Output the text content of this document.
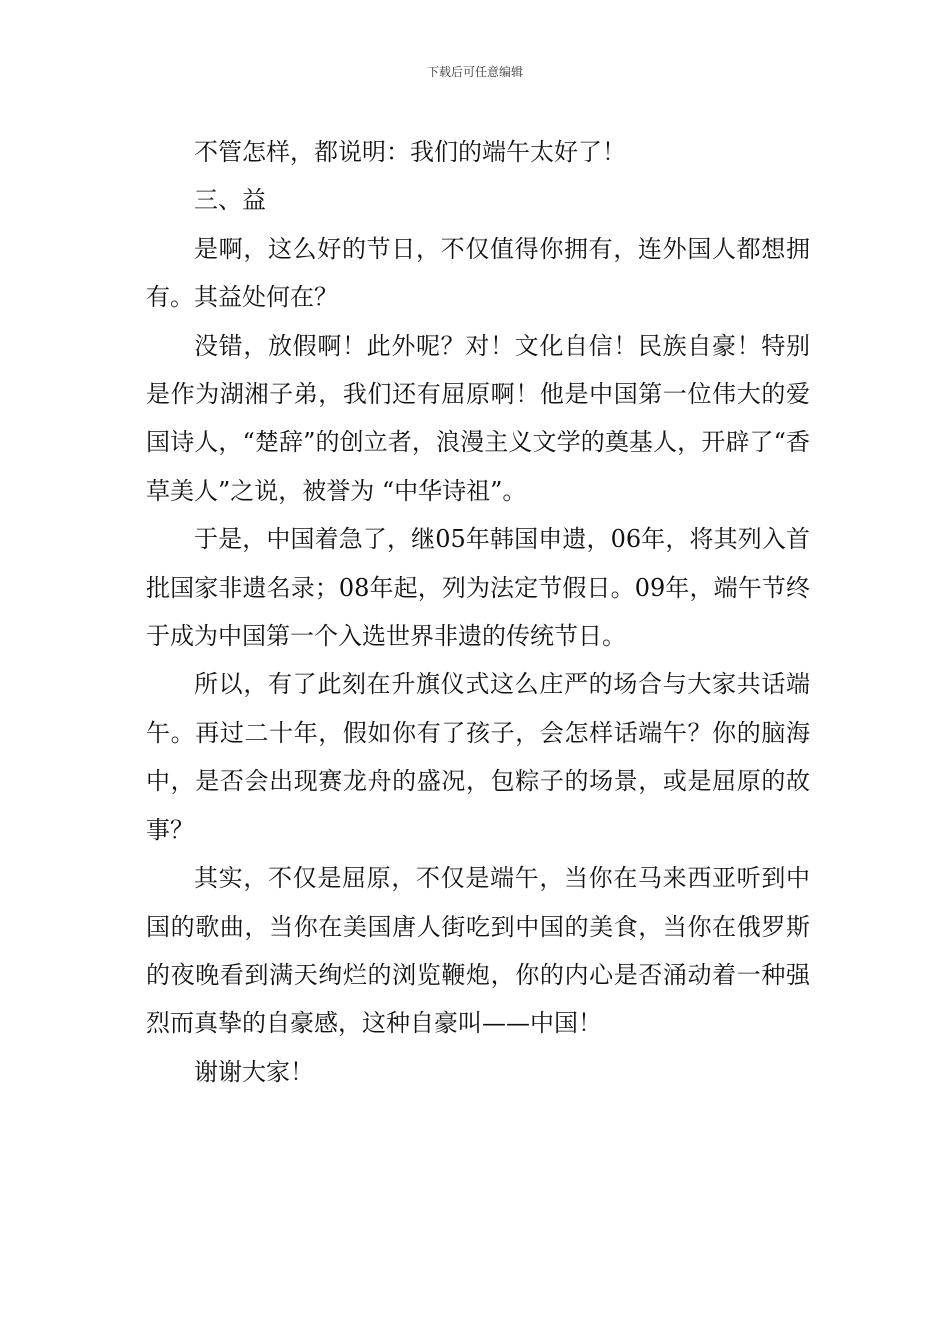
下载后可任意编辑

不管怎样，都说明：我们的端午太好了！

三、益

是啊，这么好的节日，不仅值得你拥有，连外国人都想拥有。其益处何在？

没错，放假啊！此外呢？对！文化自信！民族自豪！特别是作为湖湘子弟，我们还有屈原啊！他是中国第一位伟大的爱国诗人，“楚辞”的创立者，浪漫主义文学的奠基人，开辟了“香草美人”之说，被誉为 “中华诗祖”。

于是，中国着急了，继05年韩国申遗，06年，将其列入首批国家非遗名录；08年起，列为法定节假日。09年，端午节终于成为中国第一个入选世界非遗的传统节日。

所以，有了此刻在升旗仪式这么庄严的场合与大家共话端午。再过二十年，假如你有了孩子，会怎样话端午？你的脑海中，是否会出现赛龙舟的盛况，包粽子的场景，或是屈原的故事？

其实，不仅是屈原，不仅是端午，当你在马来西亚听到中国的歌曲，当你在美国唐人街吃到中国的美食，当你在俄罗斯的夜晚看到满天绚烂的浏览鞭炮，你的内心是否涌动着一种强烈而真挚的自豪感，这种自豪叫——中国！

谢谢大家！
